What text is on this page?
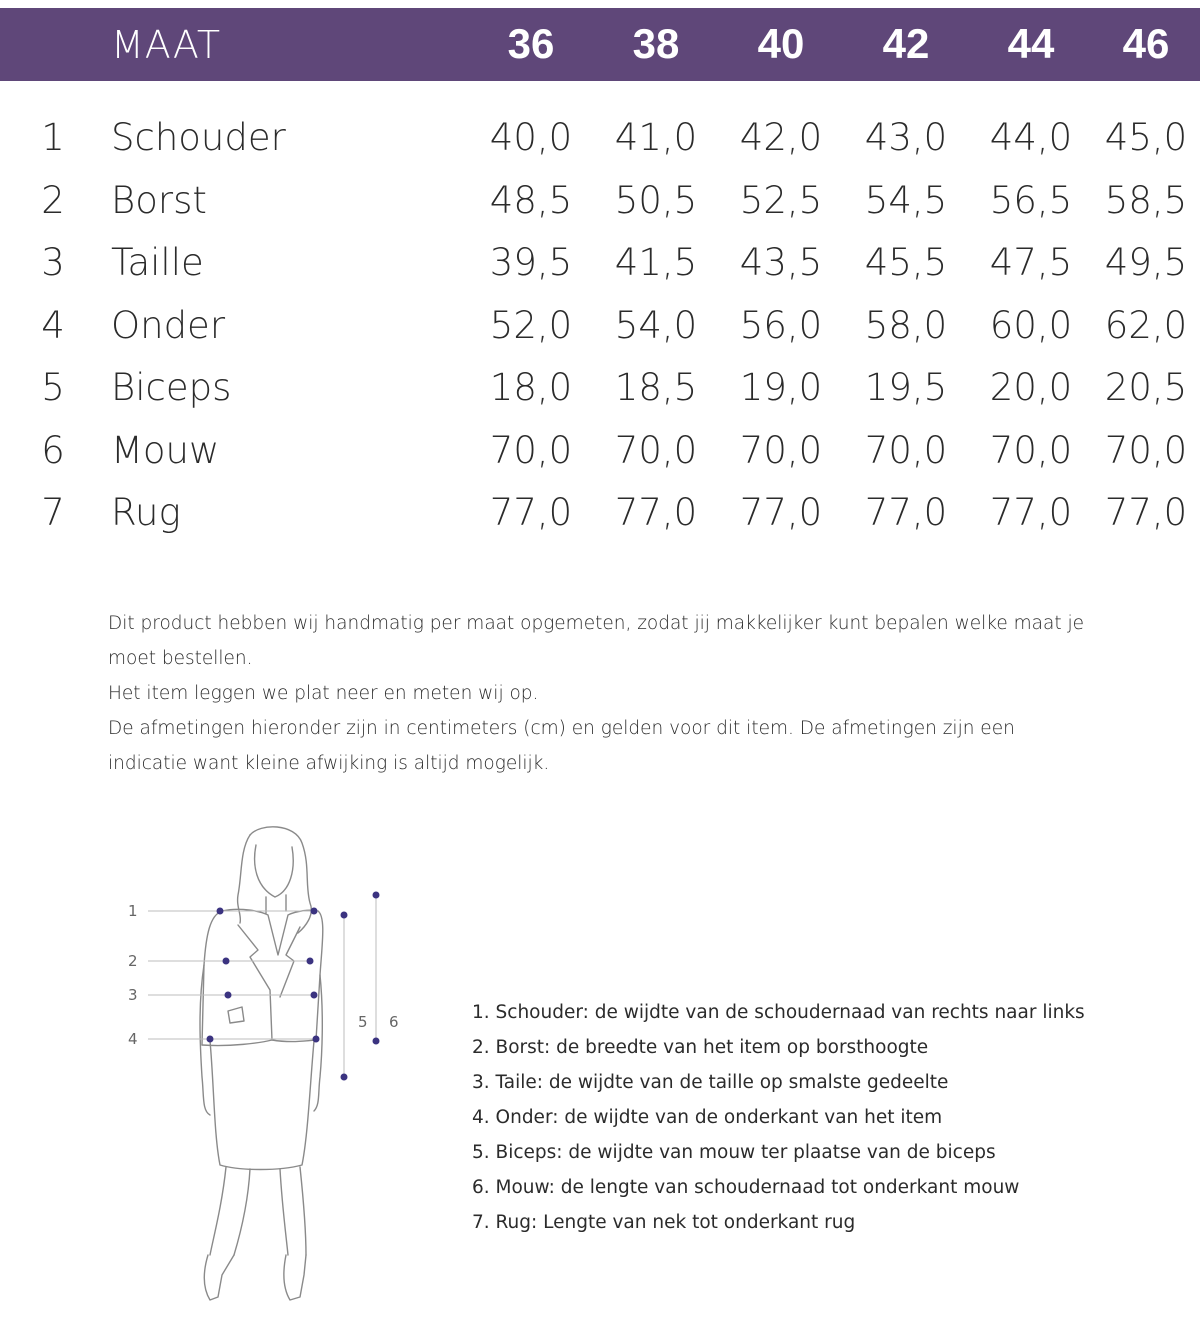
MAAT	36	38	40	42	44	46
1 Schouder	40,0	41,0	42,0	43,0	44,0 45,0
2 Borst	48,5	50,5	52,5	54,5	56,5 58,5
3 Taille	39,5	41,5	43,5	45,5	47,5 49,5
4 Onder	52,0	54,0	56,0	58,0	60,0 62,0
5 Biceps	18,0	18,5	19,0	19,5	20,0 20,5
6 Mouw	70,0	70,0	70,0	70,0	70,0 70,0
7 Rug	77,0	77,0	77,0	77,0	77,0 77,0

Dit product hebben wij handmatig per maat opgemeten, zodat jij makkelijker kunt bepalen welke maat je

moet bestellen.

Het item leggen we plat neer en meten wij op.

De afmetingen hieronder zijn in centimeters (cm) en gelden voor dit item. De afmetingen zijn een

indicatie want kleine afwijking is altijd mogelijk.

1
2
3
4
5 6	1. Schouder: de wijdte van de schoudernaad van rechts naar links
2. Borst: de breedte van het item op borsthoogte
3. Taile: de wijdte van de taille op smalste gedeelte
4. Onder: de wijdte van de onderkant van het item
5. Biceps: de wijdte van mouw ter plaatse van de biceps
6. Mouw: de lengte van schoudernaad tot onderkant mouw
7. Rug: Lengte van nek tot onderkant rug
